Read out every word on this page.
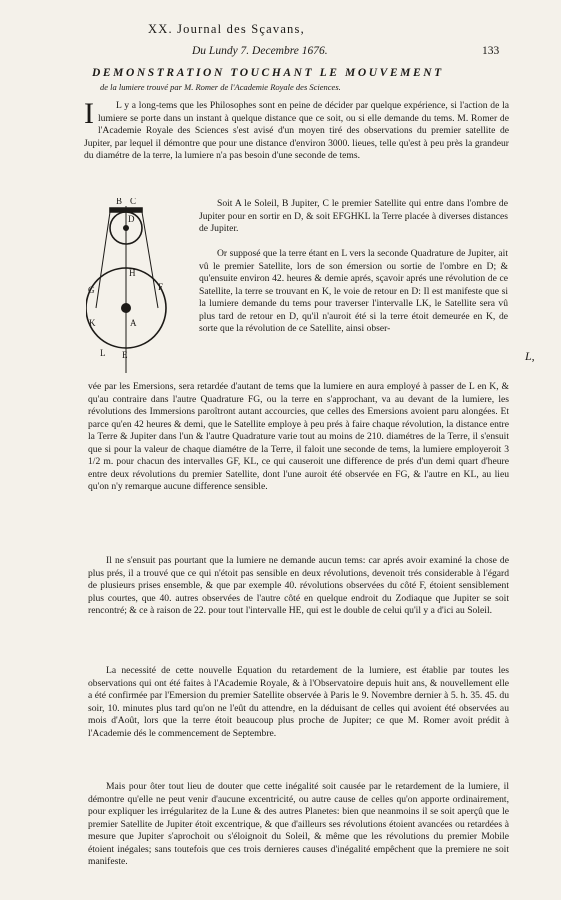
XX. Journal des Sçavans,
Du Lundy 7. Decembre 1676.	133
DEMONSTRATION TOUCHANT LE MOUVEMENT
de la lumiere trouvé par M. Romer de l'Academie Royale des Sciences.
I L y a long-tems que les Philosophes sont en peine de décider par quelque expérience, si l'action de la lumiere se porte dans un instant à quelque distance que ce soit, ou si elle demande du tems. M. Romer de l'Academie Royale des Sciences s'est avisé d'un moyen tiré des observations du premier satellite de Jupiter, par lequel il démontre que pour une distance d'environ 3000. lieues, telle qu'est à peu près la grandeur du diamétre de la terre, la lumiere n'a pas besoin d'une seconde de tems.
B C
D
H
G	F
K	A
L E
Soit A le Soleil, B Jupiter, C le premier Satellite qui entre dans l'ombre de Jupiter pour en sortir en D, & soit EFGHKL la Terre placée à diverses distances de Jupiter.
Or supposé que la terre étant en L vers la seconde Quadrature de Jupiter, ait vû le premier Satellite, lors de son émersion ou sortie de l'ombre en D; & qu'ensuite environ 42. heures & demie aprés, sçavoir aprés une révolution de ce Satellite, la terre se trouvant en K, le voie de retour en D: Il est manifeste que si la lumiere demande du tems pour traverser l'intervalle LK, le Satellite sera vû plus tard de retour en D, qu'il n'auroit été si la terre étoit demeurée en K, de sorte que la révolution de ce Satellite, ainsi obser-
vée par les Emersions, sera retardée d'autant de tems que la lumiere en aura employé à passer de L en K, & qu'au contraire dans l'autre Quadrature FG, ou la terre en s'approchant, va au devant de la lumiere, les révolutions des Immersions paroîtront autant accourcies, que celles des Emersions avoient paru alongées. Et parce qu'en 42 heures & demi, que le Satellite employe à peu prés à faire chaque révolution, la distance entre la Terre & Jupiter dans l'un & l'autre Quadrature varie tout au moins de 210. diamétres de la Terre, il s'ensuit que si pour la valeur de chaque diamétre de la Terre, il faloit une seconde de tems, la lumiere employeroit 3 1/2 m. pour chacun des intervalles GF, KL, ce qui causeroit une difference de prés d'un demi quart d'heure entre deux révolutions du premier Satellite, dont l'une auroit été observée en FG, & l'autre en KL, au lieu qu'on n'y remarque aucune difference sensible.
Il ne s'ensuit pas pourtant que la lumiere ne demande aucun tems: car aprés avoir examiné la chose de plus prés, il a trouvé que ce qui n'étoit pas sensible en deux révolutions, devenoit trés considerable à l'égard de plusieurs prises ensemble, & que par exemple 40. révolutions observées du côté F, étoient sensiblement plus courtes, que 40. autres observées de l'autre côté en quelque endroit du Zodiaque que Jupiter se soit rencontré; & ce à raison de 22. pour tout l'intervalle HE, qui est le double de celui qu'il y a d'ici au Soleil.
La necessité de cette nouvelle Equation du retardement de la lumiere, est établie par toutes les observations qui ont été faites à l'Academie Royale, & à l'Observatoire depuis huit ans, & nouvellement elle a été confirmée par l'Emersion du premier Satellite observée à Paris le 9. Novembre dernier à 5. h. 35. 45. du soir, 10. minutes plus tard qu'on ne l'eût du attendre, en la déduisant de celles qui avoient été observées au mois d'Août, lors que la terre étoit beaucoup plus proche de Jupiter; ce que M. Romer avoit prédit à l'Academie dés le commencement de Septembre.
Mais pour ôter tout lieu de douter que cette inégalité soit causée par le retardement de la lumiere, il démontre qu'elle ne peut venir d'aucune excentricité, ou autre cause de celles qu'on apporte ordinairement, pour expliquer les irrégularitez de la Lune & des autres Planetes: bien que neanmoins il se soit aperçû que le premier Satellite de Jupiter étoit excentrique, & que d'ailleurs ses révolutions étoient avancées ou retardées à mesure que Jupiter s'aprochoit ou s'éloignoit du Soleil, & même que les révolutions du premier Mobile étoient inégales; sans toutefois que ces trois dernieres causes d'inégalité empêchent que la premiere ne soit manifeste.
L,
